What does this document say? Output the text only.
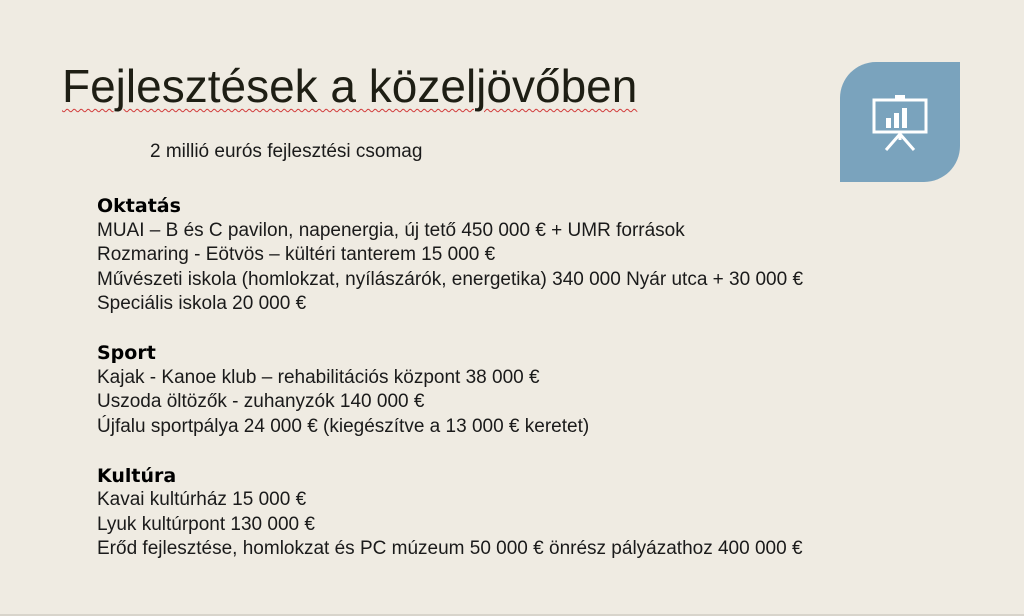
Fejlesztések a közeljövőben
2 millió eurós fejlesztési csomag
Oktatás
MUAI – B és C pavilon, napenergia, új tető 450 000 € + UMR források
Rozmaring - Eötvös – kültéri tanterem 15 000 €
Művészeti iskola (homlokzat, nyílászárók, energetika) 340 000 Nyár utca + 30 000 €
Speciális iskola 20 000 €
Sport
Kajak - Kanoe klub – rehabilitációs központ 38 000 €
Uszoda öltözők - zuhanyzók 140 000 €
Újfalu sportpálya 24 000 € (kiegészítve a 13 000 € keretet)
Kultúra
Kavai kultúrház 15 000 €
Lyuk kultúrpont 130 000 €
Erőd fejlesztése, homlokzat és PC múzeum 50 000 € önrész pályázathoz 400 000 €
